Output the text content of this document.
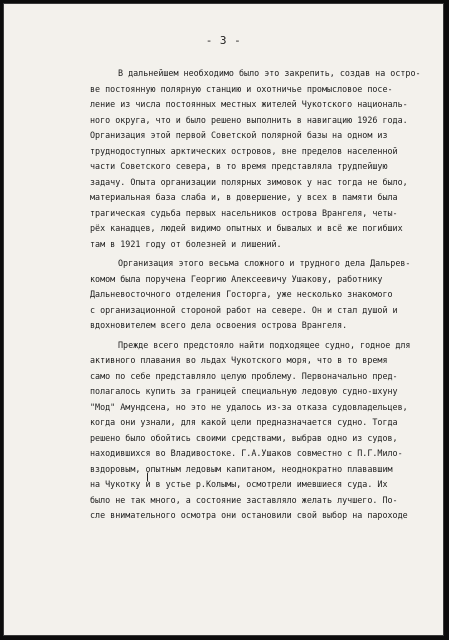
- 3 -
В дальнейшем необходимо было это закрепить, создав на остро-
ве постоянную полярную станцию и охотничье промысловое посе-
ление из числа постоянных местных жителей Чукотского националь-
ного округа, что и было решено выполнить в навигацию 1926 года.
Организация этой первой Советской полярной базы на одном из
труднодоступных арктических островов, вне пределов населенной
части Советского севера, в то время представляла трудпейшую
задачу. Опыта организации полярных зимовок у нас тогда не было,
материальная база слаба и, в довершение, у всех в памяти была
трагическая судьба первых насельников острова Врангеля, четы-
рёх канадцев, людей видимо опытных и бывалых и всё же погибших
там в 1921 году от болезней и лишений.
Организация этого весьма сложного и трудного дела Дальрев-
комом была поручена Георгию Алексеевичу Ушакову, работнику
Дальневосточного отделения Госторга, уже несколько знакомого
с организационной стороной работ на севере. Он и стал душой и
вдохновителем всего дела освоения острова Врангеля.
Прежде всего предстояло найти подходящее судно, годное для
активного плавания во льдах Чукотского моря, что в то время
само по себе представляло целую проблему. Первоначально пред-
полагалось купить за границей специальную ледовую судно-шхуну
"Мод" Амундсена, но это не удалось из-за отказа судовладельцев,
когда они узнали, для какой цели предназначается судно. Тогда
решено было обойтись своими средствами, выбрав одно из судов,
находившихся во Владивостоке. Г.А.Ушаков совместно с П.Г.Мило-
вздоровым, опытным ледовым капитаном, неоднократно плававшим
на Чукотку и в устье р.Колымы, осмотрели имевшиеся суда. Их
было не так много, а состояние заставляло желать лучшего. По-
сле внимательного осмотра они остановили свой выбор на пароходе
